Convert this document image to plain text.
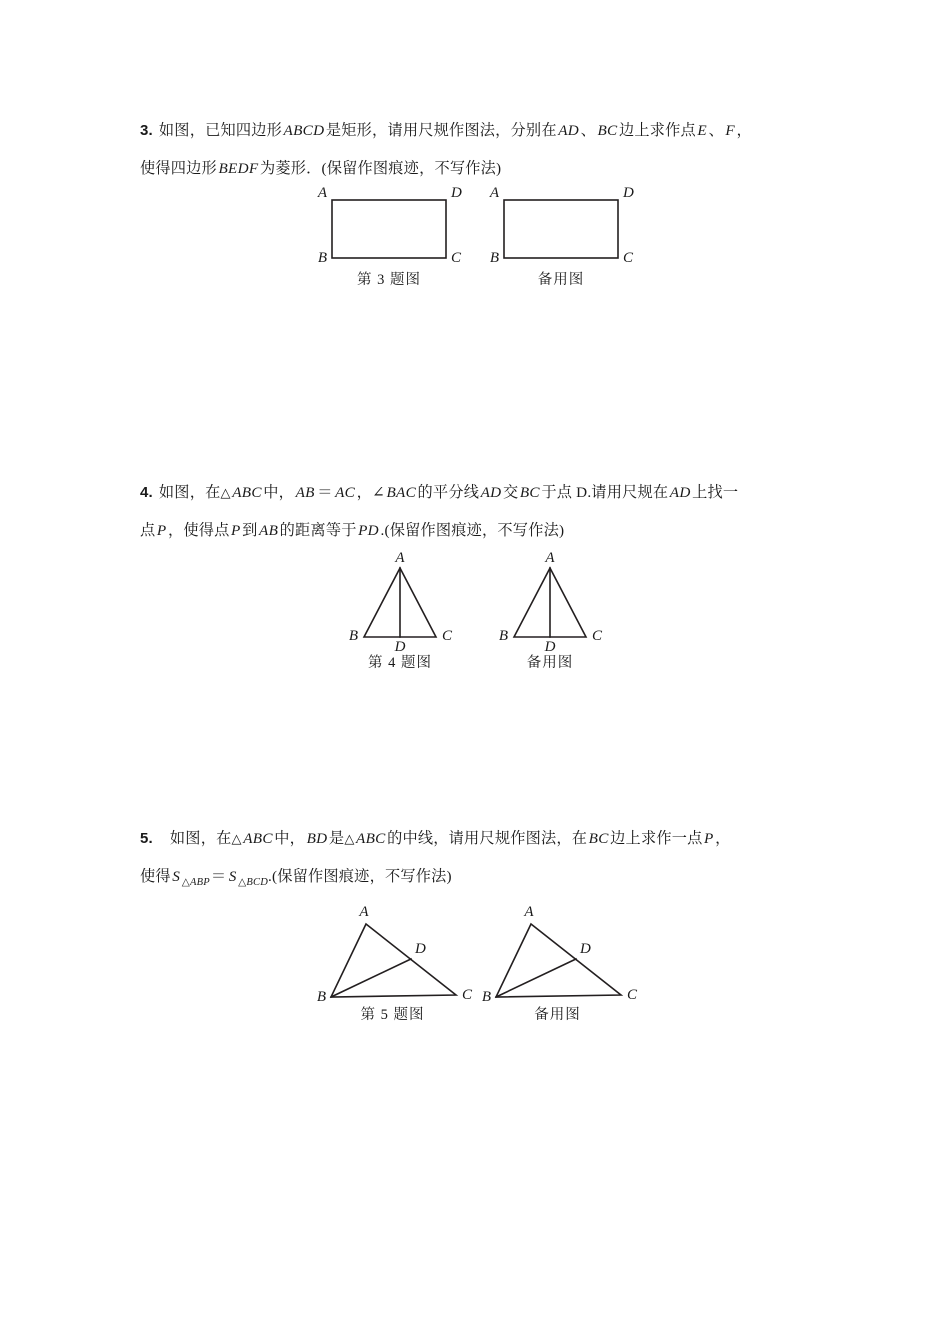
3. 如图，已知四边形ABCD是矩形，请用尺规作图法，分别在AD、BC边上求作点E、F，
使得四边形BEDF为菱形．(保留作图痕迹，不写作法)
A	D
B	C
第 3 题图
A	D
B	C
备用图
4. 如图，在△ABC中，AB ＝ AC，∠BAC的平分线AD交BC于点 D.请用尺规在AD上找一
点P，使得点P到AB的距离等于PD.(保留作图痕迹，不写作法)
A
B
D
C
第 4 题图
A
B
D
C
备用图
5. 如图，在△ABC中，BD是△ABC的中线，请用尺规作图法，在BC边上求作一点P，
使得S $_{\triangle ABP}$＝ S $_{\triangle BCD}$.(保留作图痕迹，不写作法)
A
D
B	C
第 5 题图
A
D
B	C
备用图
